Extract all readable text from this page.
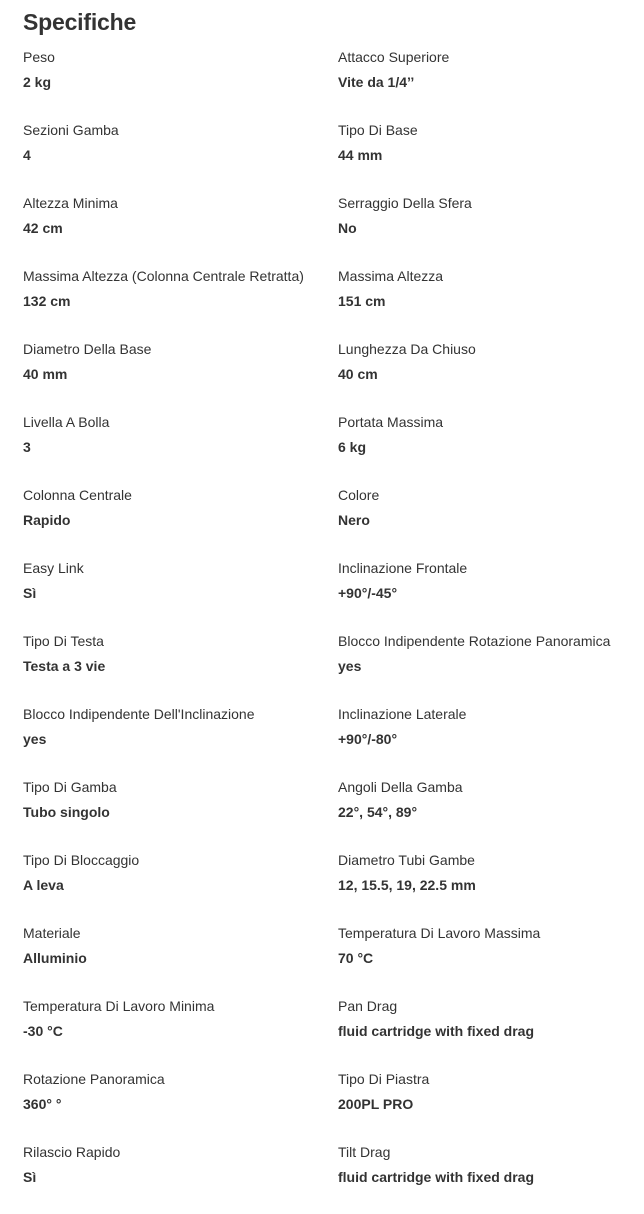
Specifiche
Peso
2 kg
Attacco Superiore
Vite da 1/4’’
Sezioni Gamba
4
Tipo Di Base
44 mm
Altezza Minima
42 cm
Serraggio Della Sfera
No
Massima Altezza (Colonna Centrale Retratta)
132 cm
Massima Altezza
151 cm
Diametro Della Base
40 mm
Lunghezza Da Chiuso
40 cm
Livella A Bolla
3
Portata Massima
6 kg
Colonna Centrale
Rapido
Colore
Nero
Easy Link
Sì
Inclinazione Frontale
+90°/-45°
Tipo Di Testa
Testa a 3 vie
Blocco Indipendente Rotazione Panoramica
yes
Blocco Indipendente Dell'Inclinazione
yes
Inclinazione Laterale
+90°/-80°
Tipo Di Gamba
Tubo singolo
Angoli Della Gamba
22°, 54°, 89°
Tipo Di Bloccaggio
A leva
Diametro Tubi Gambe
12, 15.5, 19, 22.5 mm
Materiale
Alluminio
Temperatura Di Lavoro Massima
70 °C
Temperatura Di Lavoro Minima
-30 °C
Pan Drag
fluid cartridge with fixed drag
Rotazione Panoramica
360° °
Tipo Di Piastra
200PL PRO
Rilascio Rapido
Sì
Tilt Drag
fluid cartridge with fixed drag
